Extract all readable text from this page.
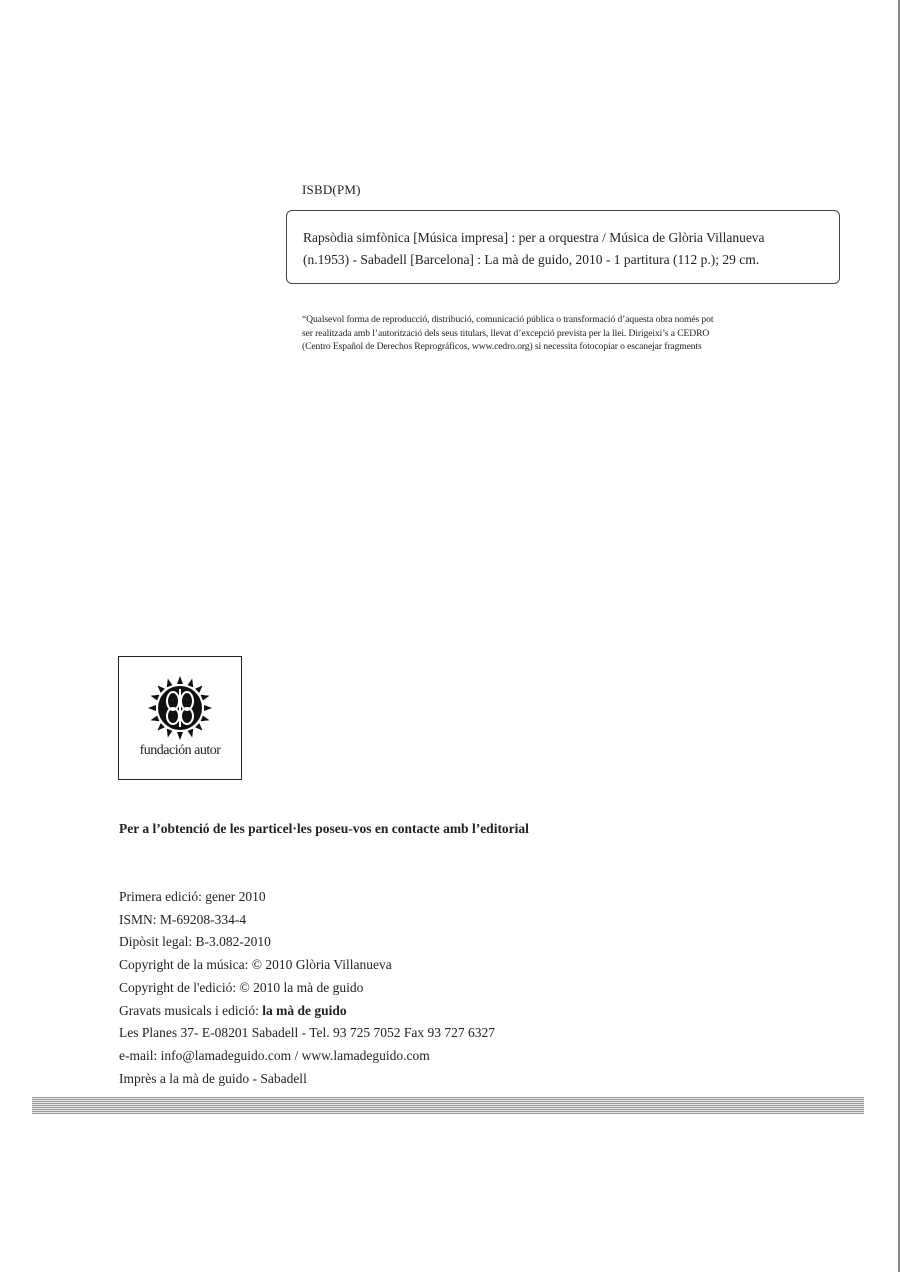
ISBD(PM)
Rapsòdia simfònica [Música impresa] : per a orquestra / Música de Glòria Villanueva
(n.1953) - Sabadell [Barcelona] : La mà de guido, 2010 - 1 partitura (112 p.); 29 cm.
“Qualsevol forma de reproducció, distribució, comunicació pública o transformació d’aquesta obra només pot
ser realitzada amb l’autorització dels seus titulars, llevat d’excepció prevista per la llei. Dirigeixi’s a CEDRO
(Centro Español de Derechos Reprográficos, www.cedro.org) si necessita fotocopiar o escanejar fragments
fundación autor
Per a l’obtenció de les particel·les poseu-vos en contacte amb l’editorial
Primera edició: gener 2010
ISMN: M-69208-334-4
Dipòsit legal: B-3.082-2010
Copyright de la música: © 2010 Glòria Villanueva
Copyright de l'edició: © 2010 la mà de guido
Gravats musicals i edició: la mà de guido
Les Planes 37- E-08201 Sabadell - Tel. 93 725 7052 Fax 93 727 6327
e-mail: info@lamadeguido.com / www.lamadeguido.com
Imprès a la mà de guido - Sabadell
